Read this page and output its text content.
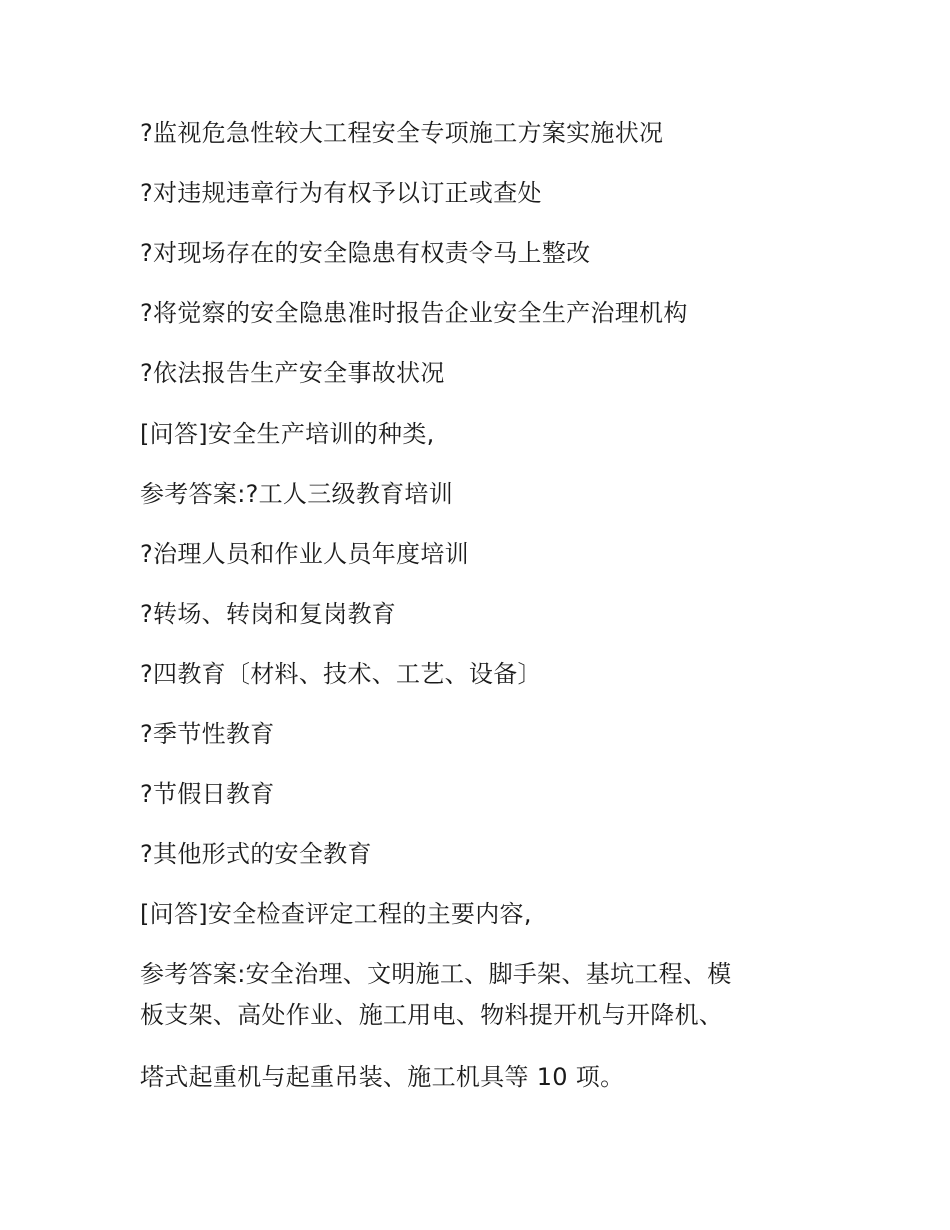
?监视危急性较大工程安全专项施工方案实施状况
?对违规违章行为有权予以订正或查处
?对现场存在的安全隐患有权责令马上整改
?将觉察的安全隐患准时报告企业安全生产治理机构
?依法报告生产安全事故状况
[问答]安全生产培训的种类,
参考答案:?工人三级教育培训
?治理人员和作业人员年度培训
?转场、转岗和复岗教育
?四教育〔材料、技术、工艺、设备〕
?季节性教育
?节假日教育
?其他形式的安全教育
[问答]安全检查评定工程的主要内容,
参考答案:安全治理、文明施工、脚手架、基坑工程、模
板支架、高处作业、施工用电、物料提开机与开降机、
塔式起重机与起重吊装、施工机具等 10 项。
